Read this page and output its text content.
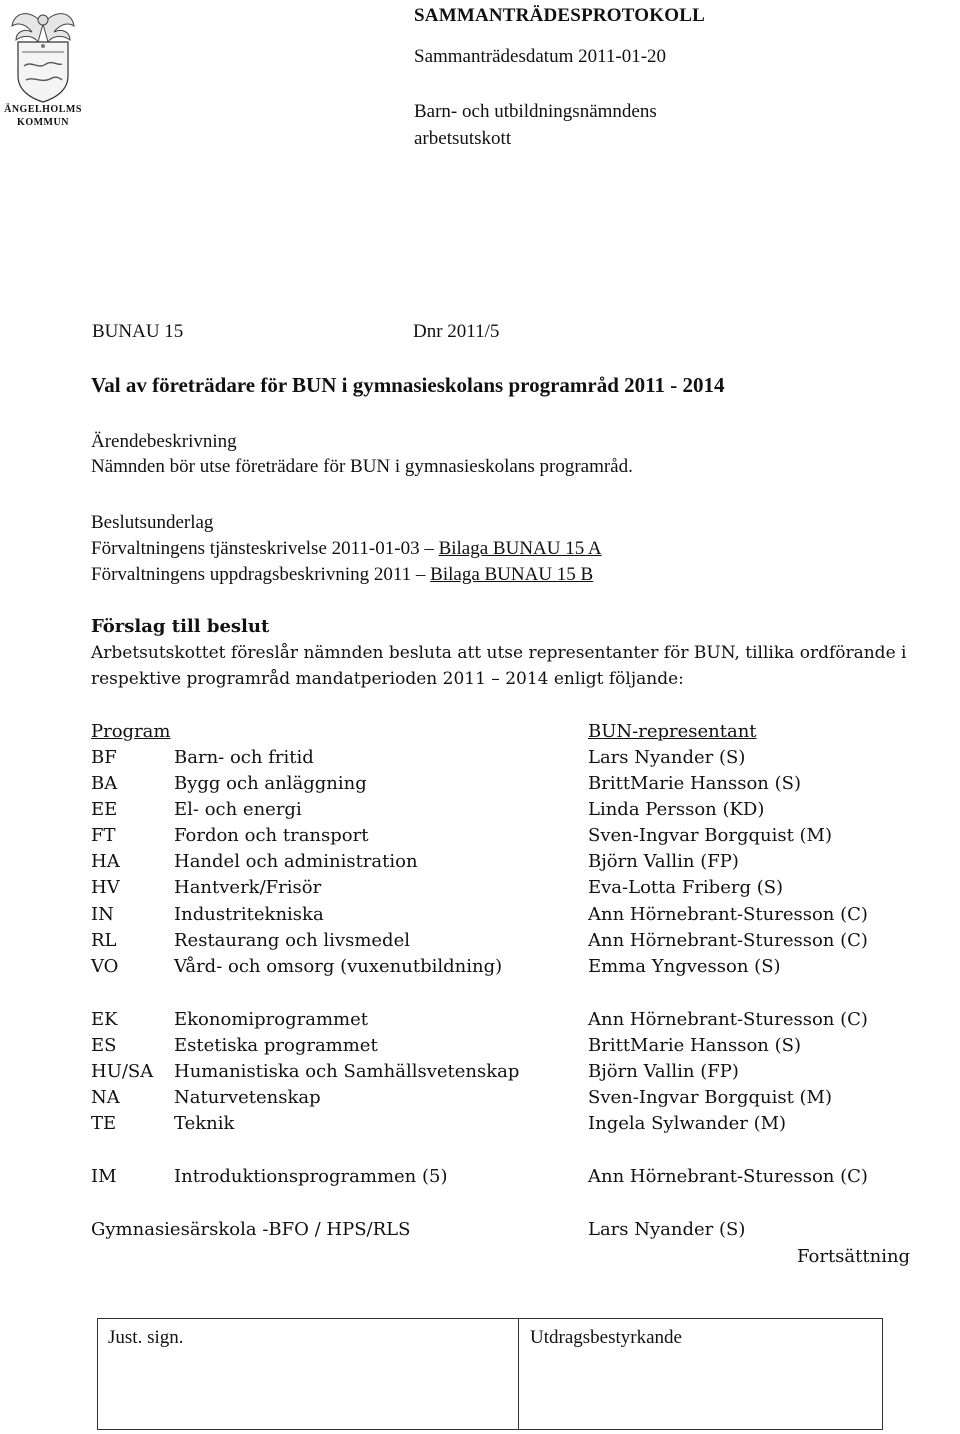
ÄNGELHOLMS KOMMUN
SAMMANTRÄDESPROTOKOLL
Sammanträdesdatum 2011-01-20
Barn- och utbildningsnämndens
arbetsutskott
BUNAU 15	Dnr 2011/5
Val av företrädare för BUN i gymnasieskolans programråd 2011 - 2014
Ärendebeskrivning
Nämnden bör utse företrädare för BUN i gymnasieskolans programråd.
Beslutsunderlag
Förvaltningens tjänsteskrivelse 2011-01-03 – Bilaga BUNAU 15 A
Förvaltningens uppdragsbeskrivning 2011 – Bilaga BUNAU 15 B
Förslag till beslut
Arbetsutskottet föreslår nämnden besluta att utse representanter för BUN, tillika ordförande i
respektive programråd mandatperioden 2011 – 2014 enligt följande:
Program	BUN-representant
BF	Barn- och fritid	Lars Nyander (S)
BA	Bygg och anläggning	BrittMarie Hansson (S)
EE	El- och energi	Linda Persson (KD)
FT	Fordon och transport	Sven-Ingvar Borgquist (M)
HA	Handel och administration	Björn Vallin (FP)
HV	Hantverk/Frisör	Eva-Lotta Friberg (S)
IN	Industritekniska	Ann Hörnebrant-Sturesson (C)
RL	Restaurang och livsmedel	Ann Hörnebrant-Sturesson (C)
VO	Vård- och omsorg (vuxenutbildning)	Emma Yngvesson (S)
EK	Ekonomiprogrammet	Ann Hörnebrant-Sturesson (C)
ES	Estetiska programmet	BrittMarie Hansson (S)
HU/SA Humanistiska och Samhällsvetenskap	Björn Vallin (FP)
NA	Naturvetenskap	Sven-Ingvar Borgquist (M)
TE	Teknik	Ingela Sylwander (M)
IM	Introduktionsprogrammen (5)	Ann Hörnebrant-Sturesson (C)
Gymnasiesärskola -BFO / HPS/RLS	Lars Nyander (S)
Fortsättning
Just. sign.	Utdragsbestyrkande
